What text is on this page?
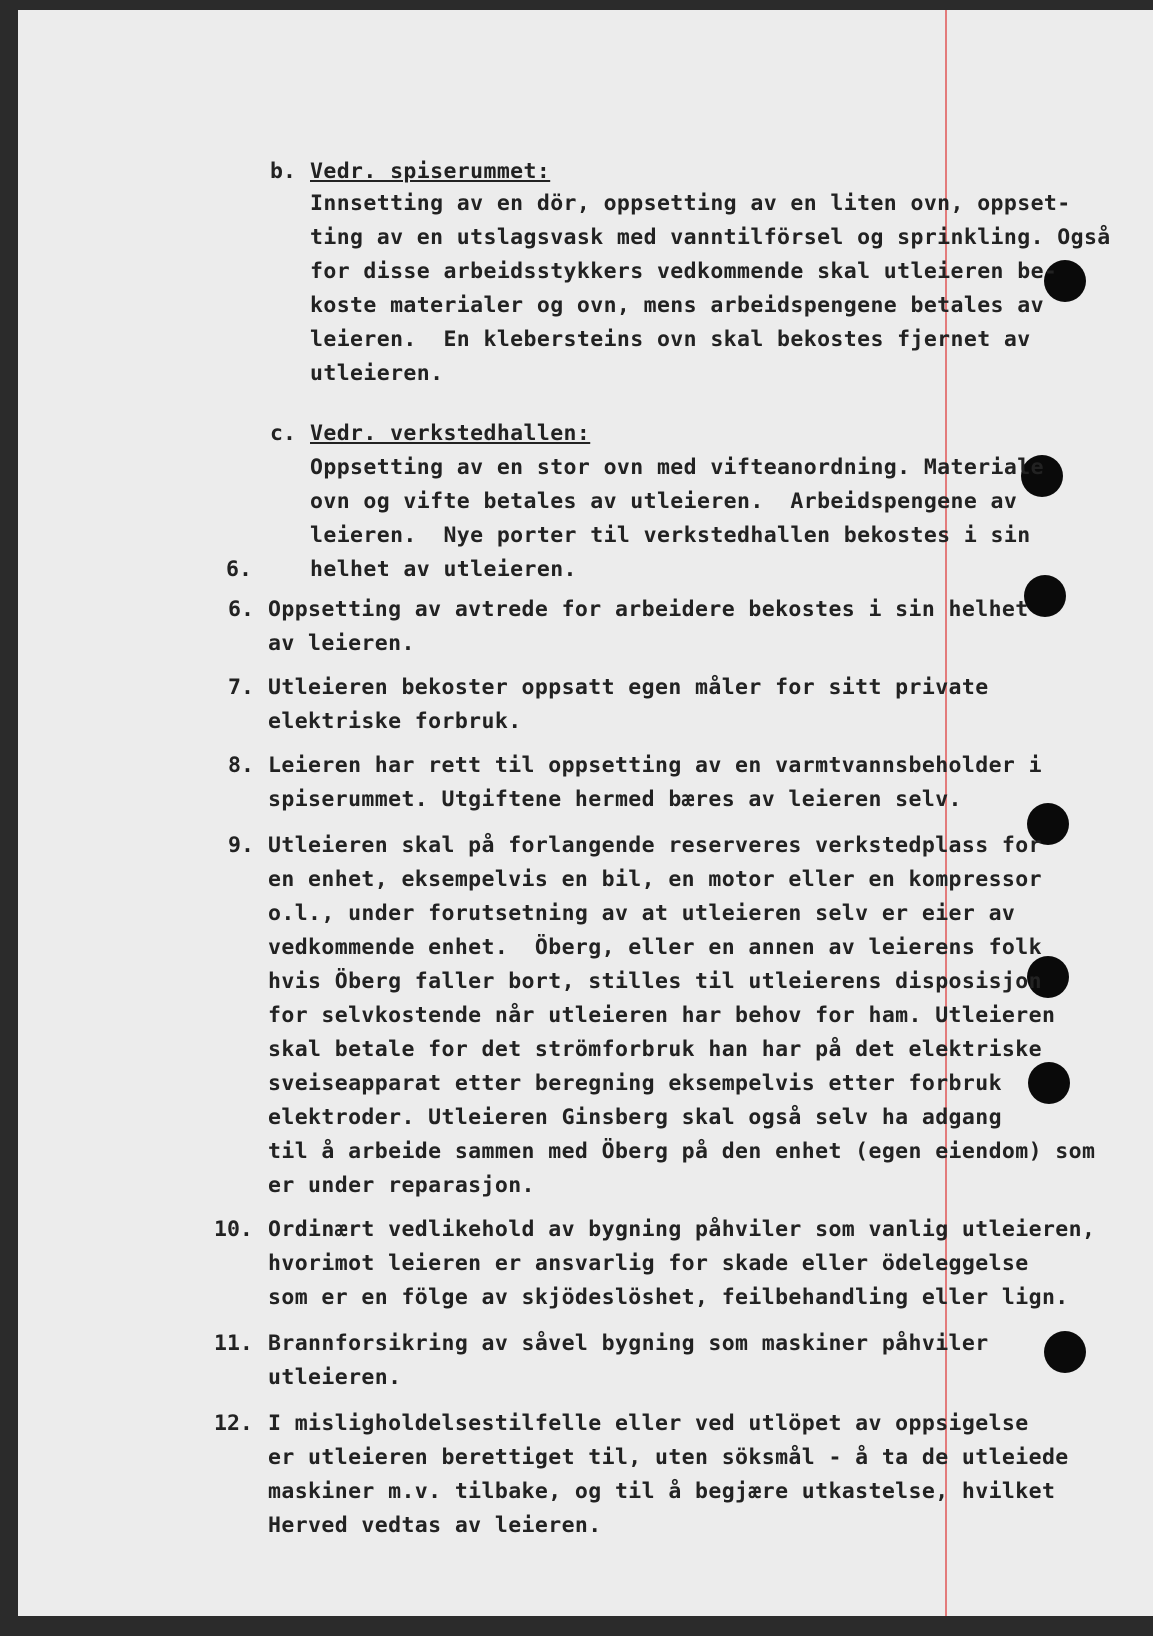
b. Vedr. spiserummet:
Innsetting av en dör, oppsetting av en liten ovn, oppset-
ting av en utslagsvask med vanntilförsel og sprinkling. Også
for disse arbeidsstykkers vedkommende skal utleieren be-
koste materialer og ovn, mens arbeidspengene betales av
leieren.  En klebersteins ovn skal bekostes fjernet av
utleieren.
c. Vedr. verkstedhallen:
Oppsetting av en stor ovn med vifteanordning. Materiale
ovn og vifte betales av utleieren.  Arbeidspengene av
leieren.  Nye porter til verkstedhallen bekostes i sin
6.	helhet av utleieren.
6. Oppsetting av avtrede for arbeidere bekostes i sin helhet
av leieren.
7. Utleieren bekoster oppsatt egen måler for sitt private
elektriske forbruk.
8. Leieren har rett til oppsetting av en varmtvannsbeholder i
spiserummet. Utgiftene hermed bæres av leieren selv.
9. Utleieren skal på forlangende reserveres verkstedplass for
en enhet, eksempelvis en bil, en motor eller en kompressor
o.l., under forutsetning av at utleieren selv er eier av
vedkommende enhet.  Öberg, eller en annen av leierens folk
hvis Öberg faller bort, stilles til utleierens disposisjon
for selvkostende når utleieren har behov for ham. Utleieren
skal betale for det strömforbruk han har på det elektriske
sveiseapparat etter beregning eksempelvis etter forbruk
elektroder. Utleieren Ginsberg skal også selv ha adgang
til å arbeide sammen med Öberg på den enhet (egen eiendom) som
er under reparasjon.
10. Ordinært vedlikehold av bygning påhviler som vanlig utleieren,
hvorimot leieren er ansvarlig for skade eller ödeleggelse
som er en fölge av skjödeslöshet, feilbehandling eller lign.
11. Brannforsikring av såvel bygning som maskiner påhviler
utleieren.
12. I misligholdelsestilfelle eller ved utlöpet av oppsigelse
er utleieren berettiget til, uten söksmål - å ta de utleiede
maskiner m.v. tilbake, og til å begjære utkastelse, hvilket
Herved vedtas av leieren.
